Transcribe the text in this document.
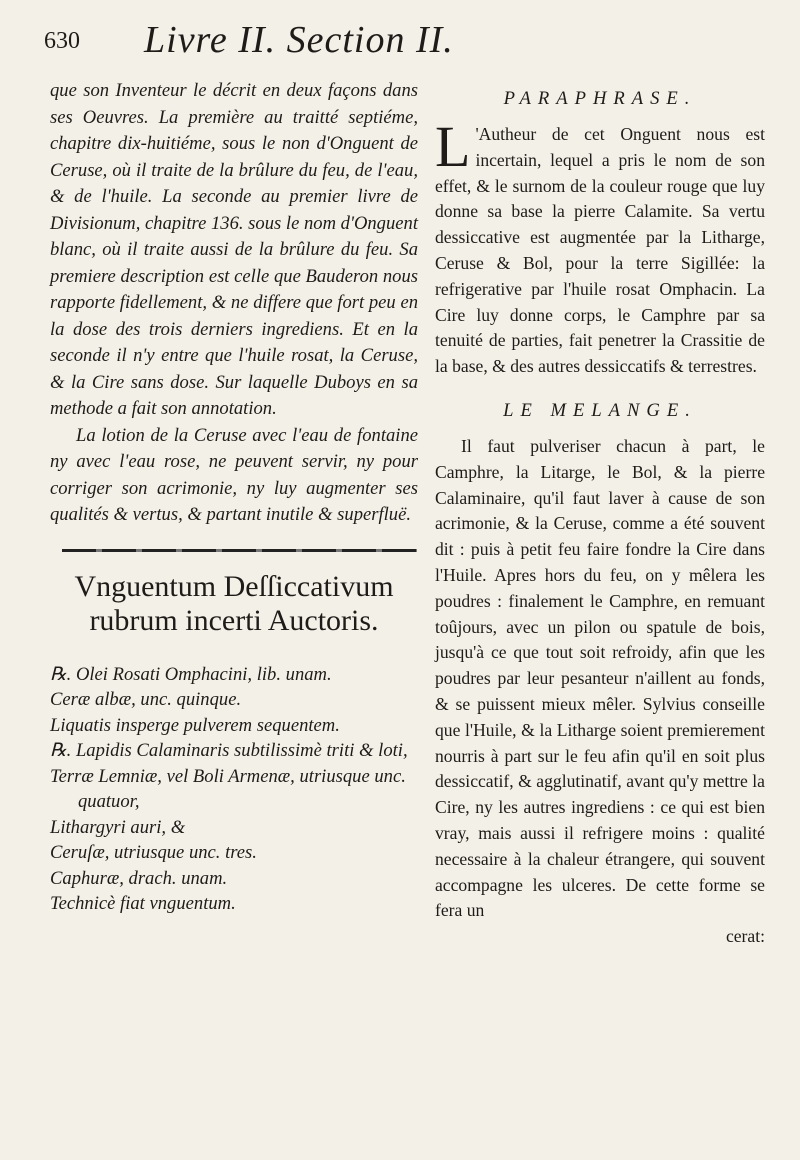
630 Livre II. Section II.

que son Inventeur le décrit en deux façons dans ses Oeuvres. La première au traitté septiéme, chapitre dix-huitiéme, sous le non d'Onguent de Ceruse, où il traite de la brûlure du feu, de l'eau, & de l'huile. La seconde au premier livre de Divisionum, chapitre 136. sous le nom d'Onguent blanc, où il traite aussi de la brûlure du feu. Sa premiere description est celle que Bauderon nous rapporte fidellement, & ne differe que fort peu en la dose des trois derniers ingrediens. Et en la seconde il n'y entre que l'huile rosat, la Ceruse, & la Cire sans dose. Sur laquelle Duboys en sa methode a fait son annotation.

La lotion de la Ceruse avec l'eau de fontaine ny avec l'eau rose, ne peuvent servir, ny pour corriger son acrimonie, ny luy augmenter ses qualités & vertus, & partant inutile & superfluë.

Vnguentum Deſſiccativum rubrum incerti Auctoris.
℞. Olei Rosati Omphacini, lib. unam.
Ceræ albæ, unc. quinque.
Liquatis insperge pulverem sequentem.
℞. Lapidis Calaminaris subtilissimè triti & loti,
Terræ Lemniæ, vel Boli Armenæ, utriusque unc. quatuor,
Lithargyri auri, &
Ceruſæ, utriusque unc. tres.
Caphuræ, drach. unam.
Technicè fiat vnguentum.
PARAPHRASE.

L 'Autheur de cet Onguent nous est incertain, lequel a pris le nom de son effet, & le surnom de la couleur rouge que luy donne sa base la pierre Calamite. Sa vertu dessiccative est augmentée par la Litharge, Ceruse & Bol, pour la terre Sigillée: la refrigerative par l'huile rosat Omphacin. La Cire luy donne corps, le Camphre par sa tenuité de parties, fait penetrer la Crassitie de la base, & des autres dessiccatifs & terrestres.

LE MELANGE.

Il faut pulveriser chacun à part, le Camphre, la Litarge, le Bol, & la pierre Calaminaire, qu'il faut laver à cause de son acrimonie, & la Ceruse, comme a été souvent dit : puis à petit feu faire fondre la Cire dans l'Huile. Apres hors du feu, on y mêlera les poudres : finalement le Camphre, en remuant toûjours, avec un pilon ou spatule de bois, jusqu'à ce que tout soit refroidy, afin que les poudres par leur pesanteur n'aillent au fonds, & se puissent mieux mêler. Sylvius conseille que l'Huile, & la Litharge soient premierement nourris à part sur le feu afin qu'il en soit plus dessiccatif, & agglutinatif, avant qu'y mettre la Cire, ny les autres ingrediens : ce qui est bien vray, mais aussi il refrigere moins : qualité necessaire à la chaleur étrangere, qui souvent accompagne les ulceres. De cette forme se fera un

cerat:
